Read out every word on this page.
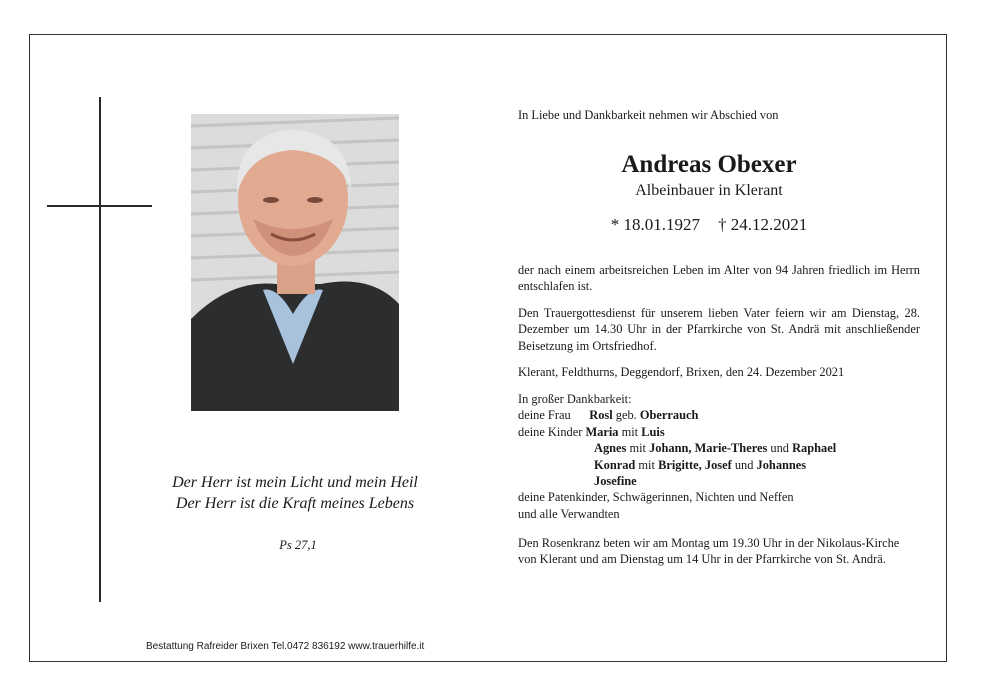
Der Herr ist mein Licht und mein Heil
Der Herr ist die Kraft meines Lebens
Ps 27,1
Bestattung Rafreider Brixen Tel.0472 836192 www.trauerhilfe.it
In Liebe und Dankbarkeit nehmen wir Abschied von
Andreas Obexer
Albeinbauer in Klerant
* 18.01.1927 † 24.12.2021
der nach einem arbeitsreichen Leben im Alter von 94 Jahren friedlich im Herrn entschlafen ist.
Den Trauergottesdienst für unserem lieben Vater feiern wir am Dienstag, 28. Dezember um 14.30 Uhr in der Pfarrkirche von St. Andrä mit anschließender Beisetzung im Ortsfriedhof.
Klerant, Feldthurns, Deggendorf, Brixen, den 24. Dezember 2021
In großer Dankbarkeit:
deine Frau Rosl geb. Oberrauch
deine Kinder Maria mit Luis
Agnes mit Johann, Marie-Theres und Raphael
Konrad mit Brigitte, Josef und Johannes
Josefine
deine Patenkinder, Schwägerinnen, Nichten und Neffen
und alle Verwandten
Den Rosenkranz beten wir am Montag um 19.30 Uhr in der Nikolaus-Kirche von Klerant und am Dienstag um 14 Uhr in der Pfarrkirche von St. Andrä.
